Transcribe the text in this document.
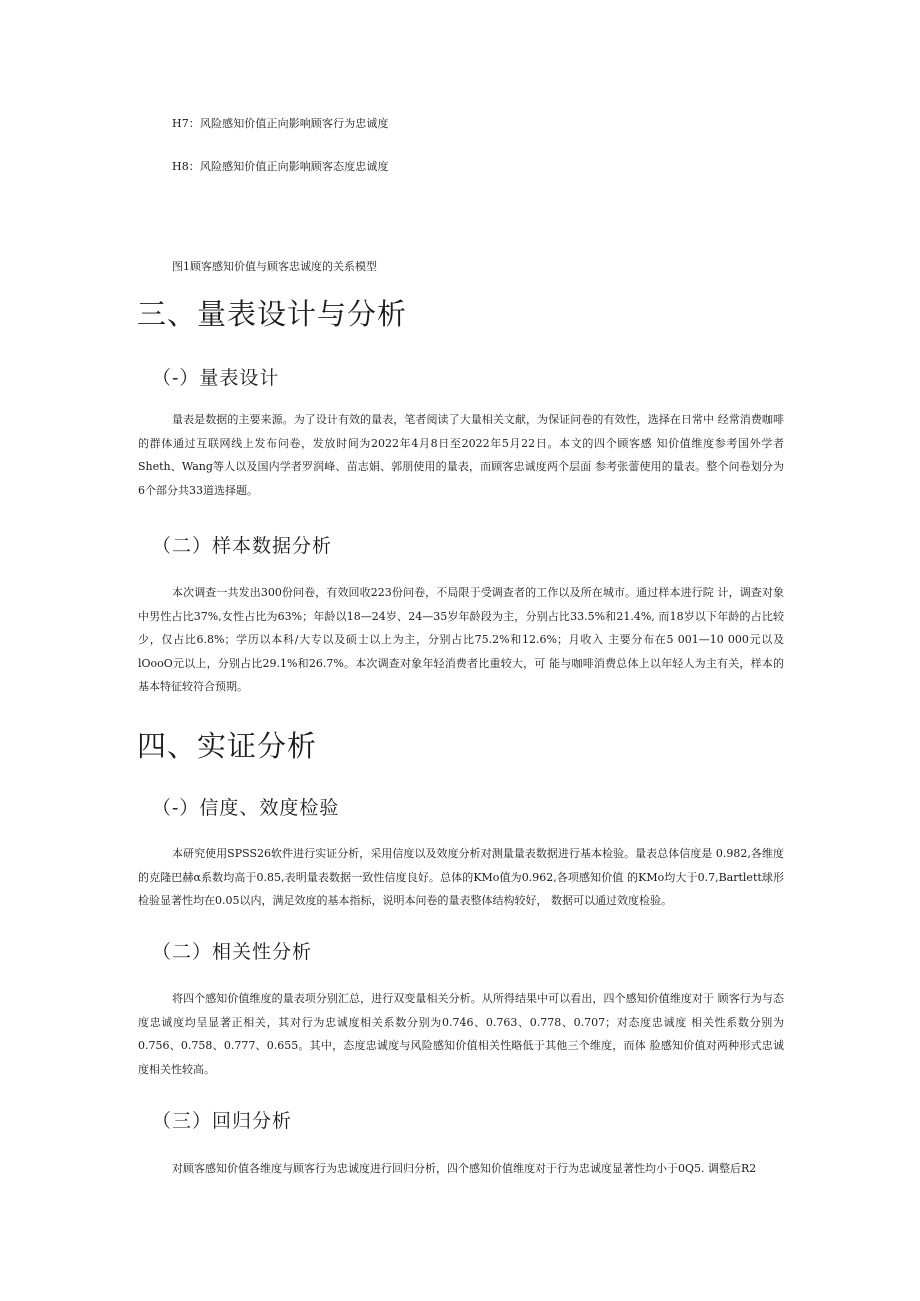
H7：风险感知价值正向影响顾客行为忠诚度
H8：风险感知价值正向影响顾客态度忠诚度
图1顾客感知价值与顾客忠诚度的关系模型
三、量表设计与分析
（-）量表设计
量表是数据的主要来源。为了设计有效的量表，笔者阅读了大量相关文献，为保证问卷的有效性，选择在日常中 经常消费咖啡的群体通过互联网线上发布问卷，发放时间为2022年4月8日至2022年5月22日。本文的四个顾客感 知价值维度参考国外学者Sheth、Wang等人以及国内学者罗润峰、苗志娟、郭朋使用的量表，而顾客忠诚度两个层面 参考张蕾使用的量表。整个问卷划分为6个部分共33道选择题。
（二）样本数据分析
本次调查一共发出300份问卷，有效回收223份问卷，不局限于受调查者的工作以及所在城市。通过样本进行院 计，调查对象中男性占比37%,女性占比为63%；年龄以18—24岁、24—35岁年龄段为主，分别占比33.5%和21.4%, 而18岁以下年龄的占比较少，仅占比6.8%；学历以本科/大专以及硕士以上为主，分别占比75.2%和12.6%；月收入 主要分布在5 001—10 000元以及lOooO元以上，分别占比29.1%和26.7%。本次调查对象年轻消费者比重较大，可 能与咖啡消费总体上以年轻人为主有关，样本的基本特征较符合预期。
四、实证分析
（-）信度、效度检验
本研究使用SPSS26软件进行实证分析，采用信度以及效度分析对测量量表数据进行基本检验。量表总体信度是 0.982,各维度的克隆巴赫α系数均高于0.85,表明量表数据一致性信度良好。总体的KMo值为0.962,各项感知价值 的KMo均大于0.7,Bartlett球形检验显著性均在0.05以内，满足效度的基本指标，说明本问卷的量表整体结构较好， 数据可以通过效度检验。
（二）相关性分析
将四个感知价值维度的量表项分别汇总，进行双变量相关分析。从所得结果中可以看出，四个感知价值维度对于 顾客行为与态度忠诚度均呈显著正相关，其对行为忠诚度相关系数分别为0.746、0.763、0.778、0.707；对态度忠诚度 相关性系数分别为0.756、0.758、0.777、0.655。其中，态度忠诚度与风险感知价值相关性略低于其他三个维度，而体 脸感知价值对两种形式忠诚度相关性较高。
（三）回归分析
对顾客感知价值各维度与顾客行为忠诚度进行回归分析，四个感知价值维度对于行为忠诚度显著性均小于0Q5. 调整后R2
